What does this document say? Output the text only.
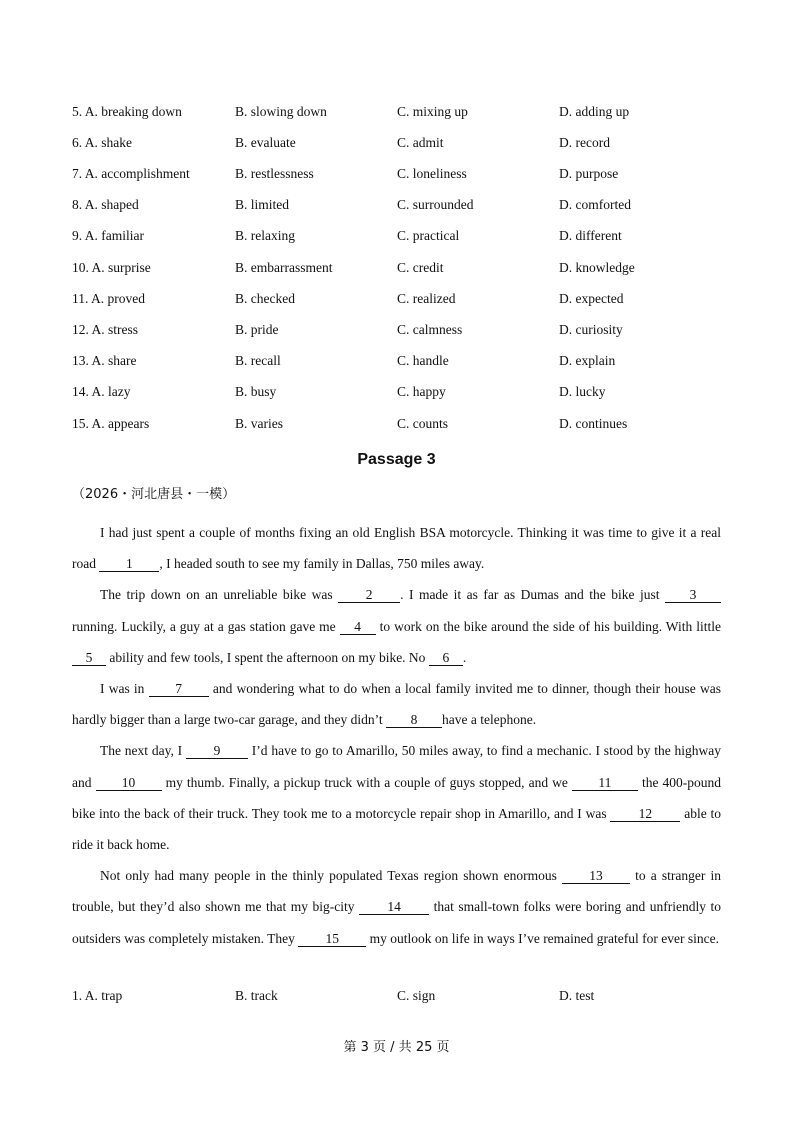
5. A. breaking down	B. slowing down	C. mixing up	D. adding up
6. A. shake	B. evaluate	C. admit	D. record
7. A. accomplishment	B. restlessness	C. loneliness	D. purpose
8. A. shaped	B. limited	C. surrounded	D. comforted
9. A. familiar	B. relaxing	C. practical	D. different
10. A. surprise	B. embarrassment	C. credit	D. knowledge
11. A. proved	B. checked	C. realized	D. expected
12. A. stress	B. pride	C. calmness	D. curiosity
13. A. share	B. recall	C. handle	D. explain
14. A. lazy	B. busy	C. happy	D. lucky
15. A. appears	B. varies	C. counts	D. continues
Passage 3
（2026・河北唐县・一模）

I had just spent a couple of months fixing an old English BSA motorcycle. Thinking it was time to give it a real road 1 , I headed south to see my family in Dallas, 750 miles away.

The trip down on an unreliable bike was 2 . I made it as far as Dumas and the bike just 3 running. Luckily, a guy at a gas station gave me 4 to work on the bike around the side of his building. With little 5 ability and few tools, I spent the afternoon on my bike. No 6 .

I was in 7 and wondering what to do when a local family invited me to dinner, though their house was hardly bigger than a large two-car garage, and they didn’t 8 have a telephone.

The next day, I 9 I’d have to go to Amarillo, 50 miles away, to find a mechanic. I stood by the highway and 10 my thumb. Finally, a pickup truck with a couple of guys stopped, and we 11 the 400-pound bike into the back of their truck. They took me to a motorcycle repair shop in Amarillo, and I was 12 able to ride it back home.

Not only had many people in the thinly populated Texas region shown enormous 13 to a stranger in trouble, but they’d also shown me that my big-city 14 that small-town folks were boring and unfriendly to outsiders was completely mistaken. They 15 my outlook on life in ways I’ve remained grateful for ever since.

1. A. trap	B. track	C. sign	D. test
第 3 页 / 共 25 页
